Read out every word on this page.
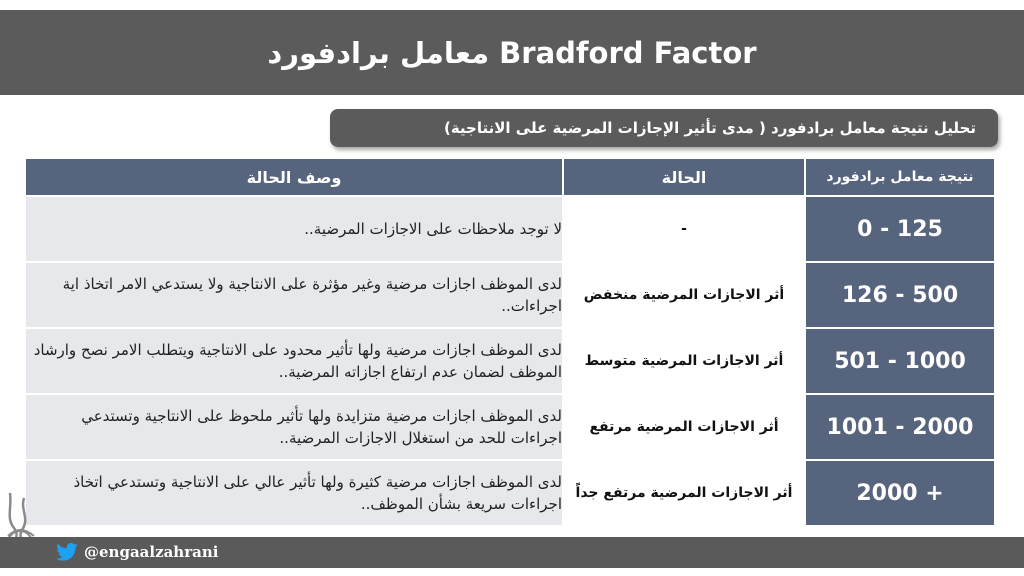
معامل برادفورد Bradford Factor
تحليل نتيجة معامل برادفورد ( مدى تأثير الإجازات المرضية على الانتاجية)
نتيجة معامل برادفورد	الحالة	وصف الحالة
0 - 125	-	لا توجد ملاحظات على الاجازات المرضية..
126 - 500	أثر الاجازات المرضية منخفض	لدى الموظف اجازات مرضية وغير مؤثرة على الانتاجية ولا يستدعي الامر اتخاذ اية اجراءات..
501 - 1000	أثر الاجازات المرضية متوسط	لدى الموظف اجازات مرضية ولها تأثير محدود على الانتاجية ويتطلب الامر نصح وارشاد الموظف لضمان عدم ارتفاع اجازاته المرضية..
1001 - 2000	أثر الاجازات المرضية مرتفع	لدى الموظف اجازات مرضية متزايدة ولها تأثير ملحوظ على الانتاجية وتستدعي اجراءات للحد من استغلال الاجازات المرضية..
2000 +	أثر الاجازات المرضية مرتفع جداً	لدى الموظف اجازات مرضية كثيرة ولها تأثير عالي على الانتاجية وتستدعي اتخاذ اجراءات سريعة بشأن الموظف..
@engaalzahrani
